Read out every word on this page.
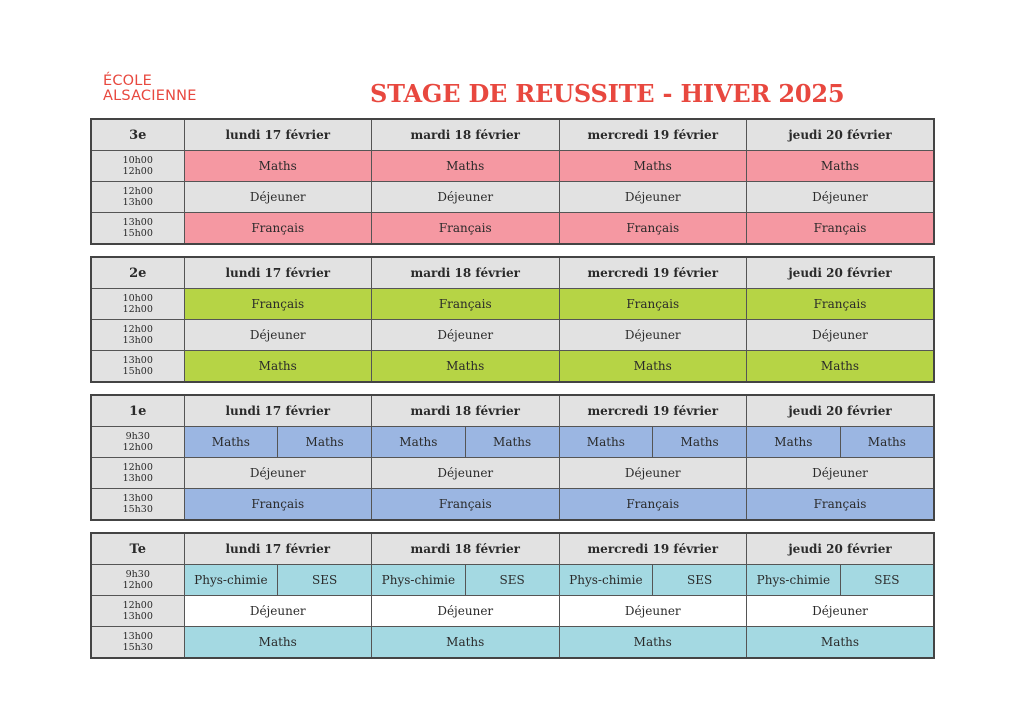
ÉCOLE
ALSACIENNE	STAGE DE REUSSITE - HIVER 2025
3e	lundi 17 février	mardi 18 février	mercredi 19 février	jeudi 20 février

10h00
12h00	Maths	Maths	Maths	Maths

12h00
13h00	Déjeuner	Déjeuner	Déjeuner	Déjeuner

13h00
15h00	Français	Français	Français	Français
2e	lundi 17 février	mardi 18 février	mercredi 19 février	jeudi 20 février

10h00
12h00	Français	Français	Français	Français

12h00
13h00	Déjeuner	Déjeuner	Déjeuner	Déjeuner

13h00
15h00	Maths	Maths	Maths	Maths
1e	lundi 17 février		mardi 18 février		mercredi 19 février		jeudi 20 février	

9h30
12h00	Maths	Maths	Maths	Maths	Maths	Maths	Maths	Maths

12h00
13h00	Déjeuner		Déjeuner		Déjeuner		Déjeuner	

13h00
15h30	Français		Français		Français		Français	
Te	lundi 17 février		mardi 18 février		mercredi 19 février		jeudi 20 février	

9h30
12h00	Phys-chimie	SES	Phys-chimie	SES	Phys-chimie	SES	Phys-chimie	SES

12h00
13h00	Déjeuner		Déjeuner		Déjeuner		Déjeuner	

13h00
15h30	Maths		Maths		Maths		Maths	
